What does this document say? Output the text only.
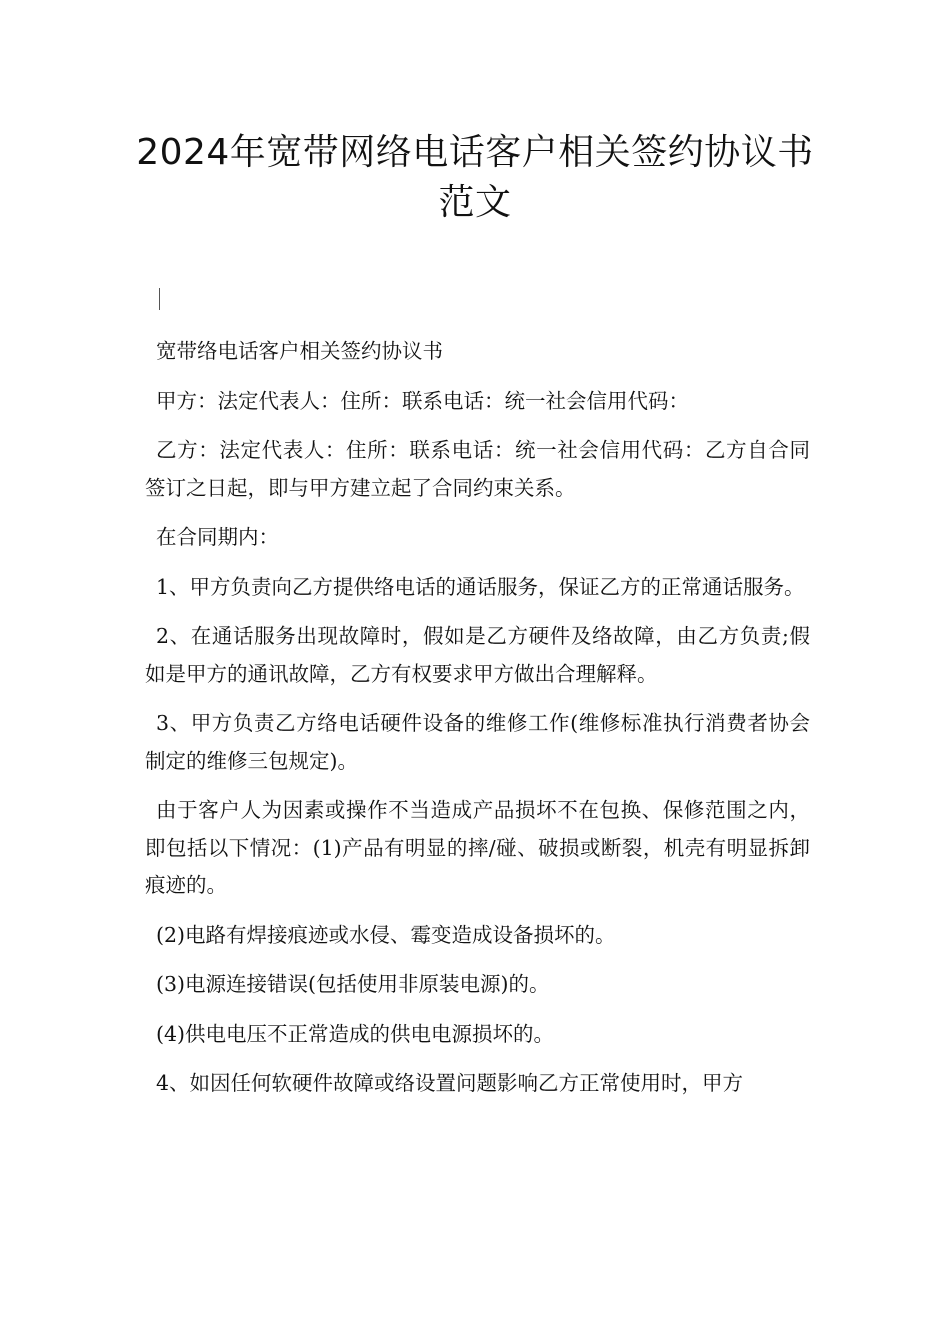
2024年宽带网络电话客户相关签约协议书范文

宽带络电话客户相关签约协议书

甲方：法定代表人：住所：联系电话：统一社会信用代码：

乙方：法定代表人：住所：联系电话：统一社会信用代码：乙方自合同签订之日起，即与甲方建立起了合同约束关系。

在合同期内：

1、甲方负责向乙方提供络电话的通话服务，保证乙方的正常通话服务。

2、在通话服务出现故障时，假如是乙方硬件及络故障，由乙方负责;假如是甲方的通讯故障，乙方有权要求甲方做出合理解释。

3、甲方负责乙方络电话硬件设备的维修工作(维修标准执行消费者协会制定的维修三包规定)。

由于客户人为因素或操作不当造成产品损坏不在包换、保修范围之内，即包括以下情况：(1)产品有明显的摔/碰、破损或断裂，机壳有明显拆卸痕迹的。

(2)电路有焊接痕迹或水侵、霉变造成设备损坏的。

(3)电源连接错误(包括使用非原装电源)的。

(4)供电电压不正常造成的供电电源损坏的。

4、如因任何软硬件故障或络设置问题影响乙方正常使用时，甲方
